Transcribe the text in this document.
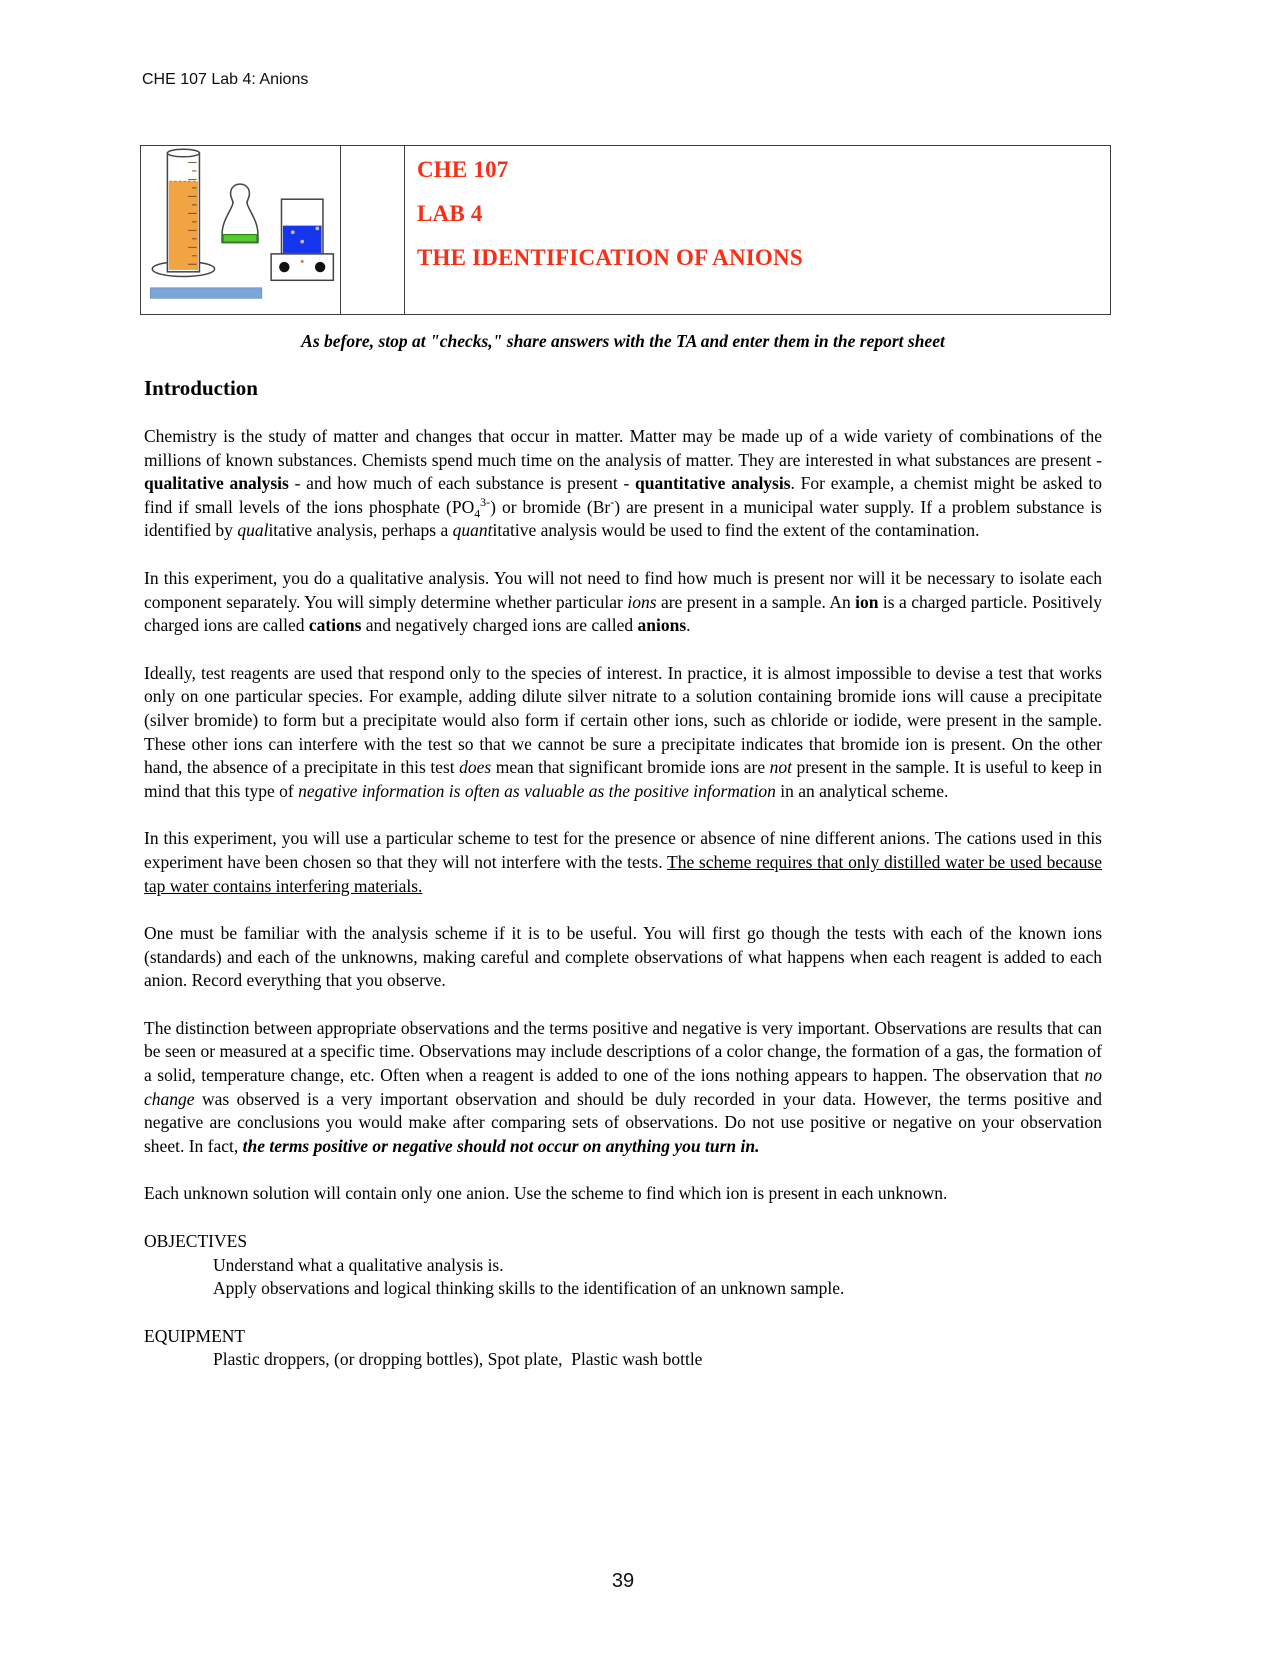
CHE 107 Lab 4: Anions

CHE 107
LAB 4
THE IDENTIFICATION OF ANIONS
As before, stop at "checks," share answers with the TA and enter them in the report sheet
Introduction

Chemistry is the study of matter and changes that occur in matter. Matter may be made up of a wide variety of combinations of the millions of known substances. Chemists spend much time on the analysis of matter. They are interested in what substances are present - qualitative analysis - and how much of each substance is present - quantitative analysis. For example, a chemist might be asked to find if small levels of the ions phosphate $(PO_4^{3-})$ or bromide (Br-) are present in a municipal water supply. If a problem substance is identified by qualitative analysis, perhaps a quantitative analysis would be used to find the extent of the contamination.

In this experiment, you do a qualitative analysis. You will not need to find how much is present nor will it be necessary to isolate each component separately. You will simply determine whether particular ions are present in a sample. An ion is a charged particle. Positively charged ions are called cations and negatively charged ions are called anions.

Ideally, test reagents are used that respond only to the species of interest. In practice, it is almost impossible to devise a test that works only on one particular species. For example, adding dilute silver nitrate to a solution containing bromide ions will cause a precipitate (silver bromide) to form but a precipitate would also form if certain other ions, such as chloride or iodide, were present in the sample. These other ions can interfere with the test so that we cannot be sure a precipitate indicates that bromide ion is present. On the other hand, the absence of a precipitate in this test does mean that significant bromide ions are not present in the sample. It is useful to keep in mind that this type of negative information is often as valuable as the positive information in an analytical scheme.

In this experiment, you will use a particular scheme to test for the presence or absence of nine different anions. The cations used in this experiment have been chosen so that they will not interfere with the tests. The scheme requires that only distilled water be used because tap water contains interfering materials.

One must be familiar with the analysis scheme if it is to be useful. You will first go though the tests with each of the known ions (standards) and each of the unknowns, making careful and complete observations of what happens when each reagent is added to each anion. Record everything that you observe.

The distinction between appropriate observations and the terms positive and negative is very important. Observations are results that can be seen or measured at a specific time. Observations may include descriptions of a color change, the formation of a gas, the formation of a solid, temperature change, etc. Often when a reagent is added to one of the ions nothing appears to happen. The observation that no change was observed is a very important observation and should be duly recorded in your data. However, the terms positive and negative are conclusions you would make after comparing sets of observations. Do not use positive or negative on your observation sheet. In fact, the terms positive or negative should not occur on anything you turn in.

Each unknown solution will contain only one anion. Use the scheme to find which ion is present in each unknown.

OBJECTIVES
Understand what a qualitative analysis is.
Apply observations and logical thinking skills to the identification of an unknown sample.
EQUIPMENT
Plastic droppers, (or dropping bottles), Spot plate,  Plastic wash bottle
39
